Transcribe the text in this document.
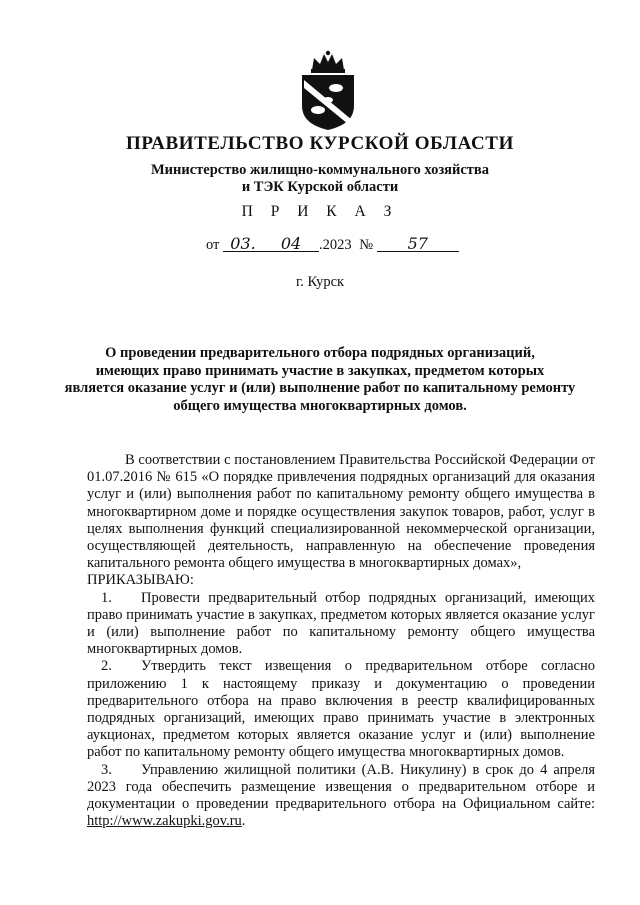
ПРАВИТЕЛЬСТВО КУРСКОЙ ОБЛАСТИ
Министерство жилищно-коммунального хозяйства
и ТЭК Курской области
П Р И К А З
от 03. 04 .2023 № 57
г. Курск
О проведении предварительного отбора подрядных организаций,
имеющих право принимать участие в закупках, предметом которых
является оказание услуг и (или) выполнение работ по капитальному ремонту
общего имущества многоквартирных домов.

В соответствии с постановлением Правительства Российской Федерации от 01.07.2016 № 615 «О порядке привлечения подрядных организаций для оказания услуг и (или) выполнения работ по капитальному ремонту общего имущества в многоквартирном доме и порядке осуществления закупок товаров, работ, услуг в целях выполнения функций специализированной некоммерческой организации, осуществляющей деятельность, направленную на обеспечение проведения капитального ремонта общего имущества в многоквартирных домах»,

ПРИКАЗЫВАЮ:

1. Провести предварительный отбор подрядных организаций, имеющих право принимать участие в закупках, предметом которых является оказание услуг и (или) выполнение работ по капитальному ремонту общего имущества многоквартирных домов.

2. Утвердить текст извещения о предварительном отборе согласно приложению 1 к настоящему приказу и документацию о проведении предварительного отбора на право включения в реестр квалифицированных подрядных организаций, имеющих право принимать участие в электронных аукционах, предметом которых является оказание услуг и (или) выполнение работ по капитальному ремонту общего имущества многоквартирных домов.

3. Управлению жилищной политики (А.В. Никулину) в срок до 4 апреля 2023 года обеспечить размещение извещения о предварительном отборе и документации о проведении предварительного отбора на Официальном сайте: http://www.zakupki.gov.ru.
